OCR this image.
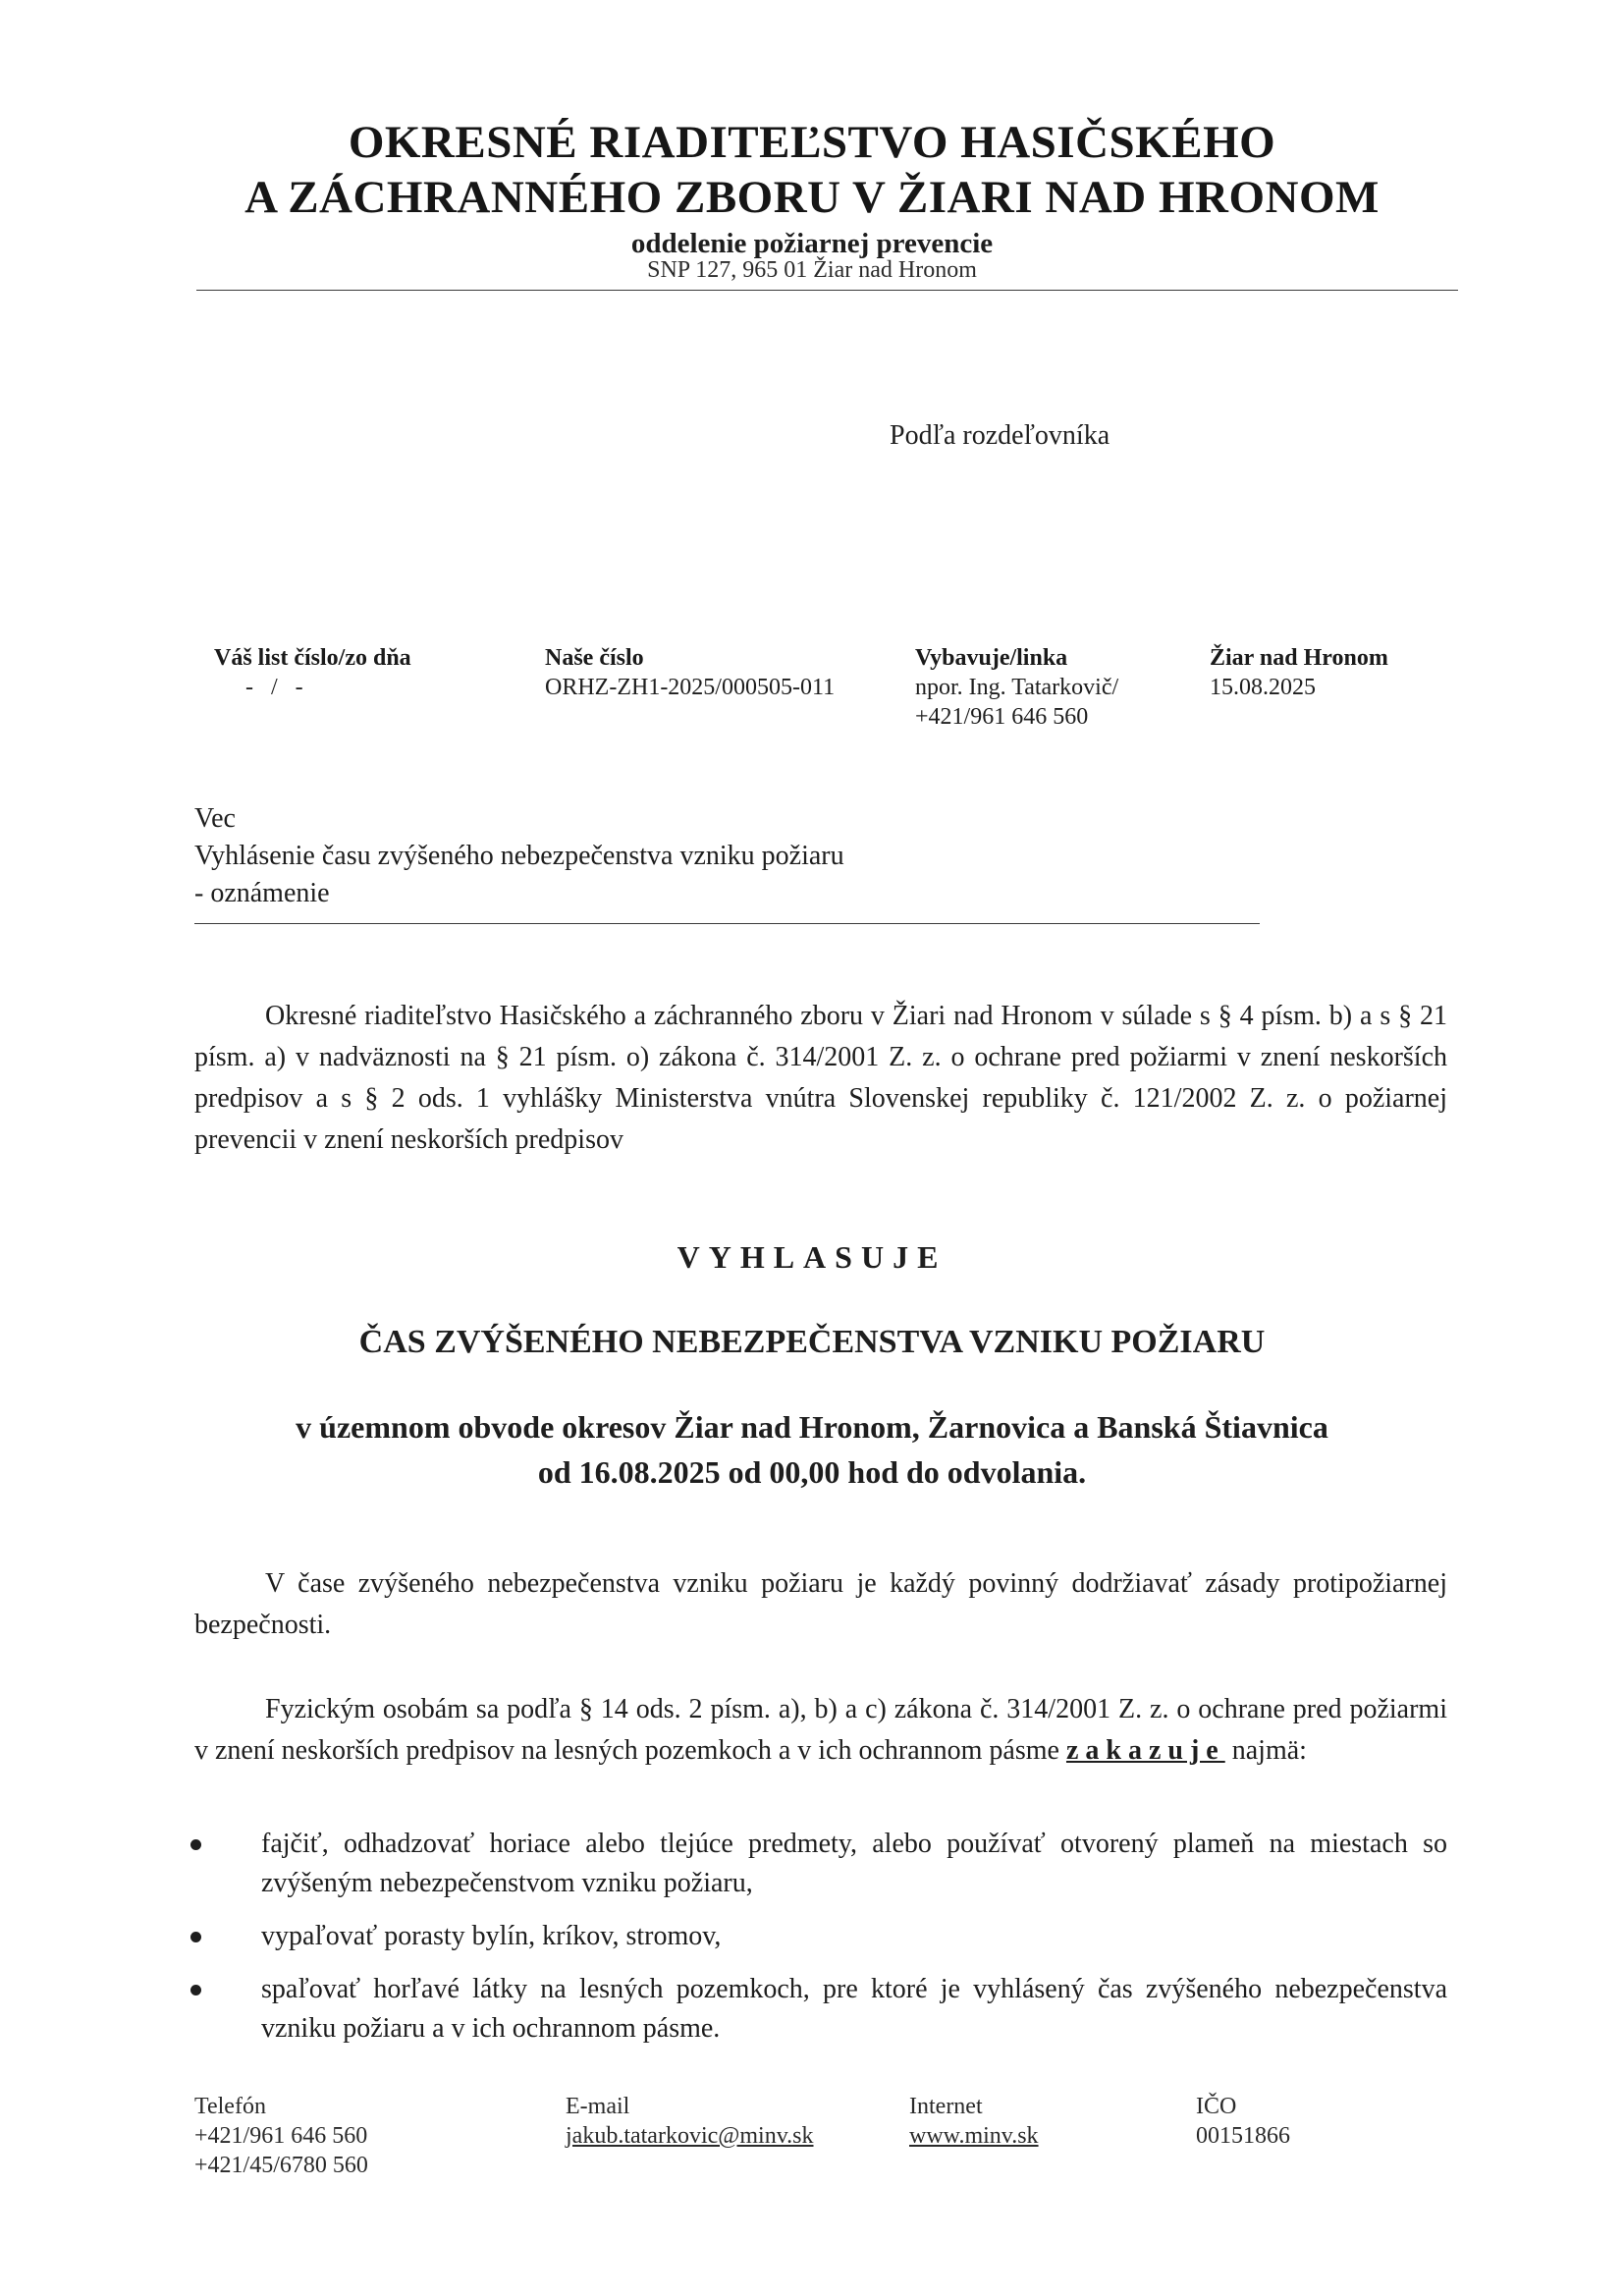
OKRESNÉ RIADITEĽSTVO HASIČSKÉHO
A ZÁCHRANNÉHO ZBORU V ŽIARI NAD HRONOM
oddelenie požiarnej prevencie
SNP 127, 965 01 Žiar nad Hronom
Podľa rozdeľovníka
Váš list číslo/zo dňa
-   /   -
Naše číslo
ORHZ-ZH1-2025/000505-011
Vybavuje/linka
npor. Ing. Tatarkovič/
+421/961 646 560
Žiar nad Hronom
15.08.2025
Vec
Vyhlásenie času zvýšeného nebezpečenstva vzniku požiaru
- oznámenie
Okresné riaditeľstvo Hasičského a záchranného zboru v Žiari nad Hronom v súlade s § 4 písm. b) a s § 21 písm. a) v nadväznosti na § 21 písm. o) zákona č. 314/2001 Z. z. o ochrane pred požiarmi v znení neskorších predpisov a s § 2 ods. 1 vyhlášky Ministerstva vnútra Slovenskej republiky č. 121/2002 Z. z. o požiarnej prevencii v znení neskorších predpisov
VYHLASUJE
ČAS ZVÝŠENÉHO NEBEZPEČENSTVA VZNIKU POŽIARU
v územnom obvode okresov Žiar nad Hronom, Žarnovica a Banská Štiavnica
od 16.08.2025 od 00,00 hod do odvolania.
V čase zvýšeného nebezpečenstva vzniku požiaru je každý povinný dodržiavať zásady protipožiarnej bezpečnosti.
Fyzickým osobám sa podľa § 14 ods. 2 písm. a), b) a c) zákona č. 314/2001 Z. z. o ochrane pred požiarmi v znení neskorších predpisov na lesných pozemkoch a v ich ochrannom pásme zakazuje najmä:
fajčiť, odhadzovať horiace alebo tlejúce predmety, alebo používať otvorený plameň na miestach so zvýšeným nebezpečenstvom vzniku požiaru,
vypaľovať porasty bylín, kríkov, stromov,
spaľovať horľavé látky na lesných pozemkoch, pre ktoré je vyhlásený čas zvýšeného nebezpečenstva vzniku požiaru a v ich ochrannom pásme.
Telefón
+421/961 646 560
+421/45/6780 560
E-mail
jakub.tatarkovic@minv.sk
Internet
www.minv.sk
IČO
00151866
